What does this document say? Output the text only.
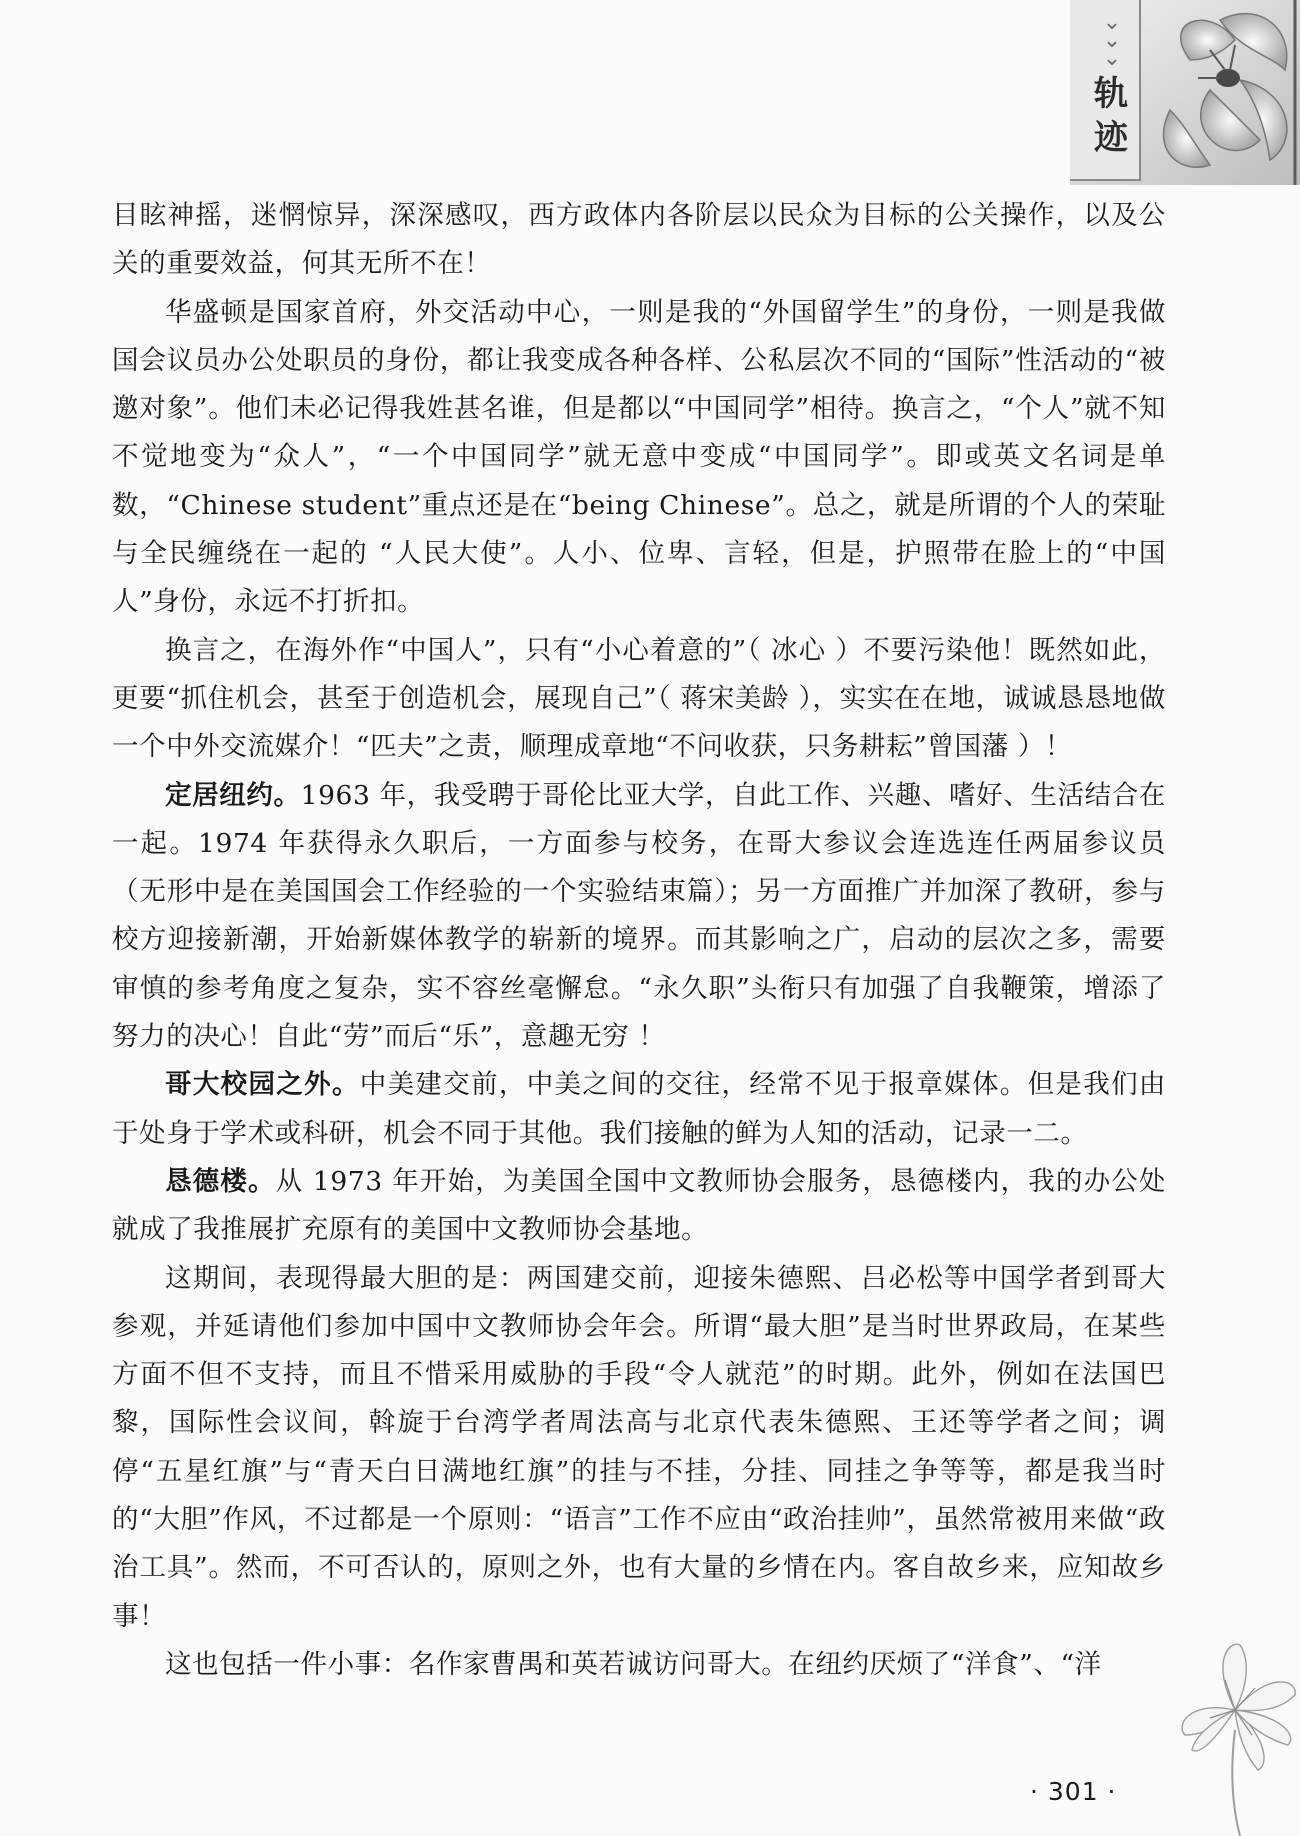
⌄
⌄
⌄
轨
迹

目眩神摇，迷惘惊异，深深感叹，西方政体内各阶层以民众为目标的公关操作，以及公关的重要效益，何其无所不在！

华盛顿是国家首府，外交活动中心，一则是我的“外国留学生”的身份，一则是我做国会议员办公处职员的身份，都让我变成各种各样、公私层次不同的“国际”性活动的“被邀对象”。他们未必记得我姓甚名谁，但是都以“中国同学”相待。换言之，“个人”就不知不觉地变为“众人”，“一个中国同学”就无意中变成“中国同学”。即或英文名词是单数，“Chinese student”重点还是在“being Chinese”。总之，就是所谓的个人的荣耻与全民缠绕在一起的 “人民大使”。人小、位卑、言轻，但是，护照带在脸上的“中国人”身份，永远不打折扣。

换言之，在海外作“中国人”，只有“小心着意的”（ 冰心 ）不要污染他！既然如此，更要“抓住机会，甚至于创造机会，展现自己”（ 蒋宋美龄 ），实实在在地，诚诚恳恳地做一个中外交流媒介！“匹夫”之责，顺理成章地“不问收获，只务耕耘”曾国藩 ）！

定居纽约。1963 年，我受聘于哥伦比亚大学，自此工作、兴趣、嗜好、生活结合在一起。1974 年获得永久职后，一方面参与校务，在哥大参议会连选连任两届参议员（无形中是在美国国会工作经验的一个实验结束篇）；另一方面推广并加深了教研，参与校方迎接新潮，开始新媒体教学的崭新的境界。而其影响之广，启动的层次之多，需要审慎的参考角度之复杂，实不容丝毫懈怠。“永久职”头衔只有加强了自我鞭策，增添了努力的决心！自此“劳”而后“乐”，意趣无穷 ！

哥大校园之外。中美建交前，中美之间的交往，经常不见于报章媒体。但是我们由于处身于学术或科研，机会不同于其他。我们接触的鲜为人知的活动，记录一二。

恳德楼。从 1973 年开始，为美国全国中文教师协会服务，恳德楼内，我的办公处就成了我推展扩充原有的美国中文教师协会基地。

这期间，表现得最大胆的是：两国建交前，迎接朱德熙、吕必松等中国学者到哥大参观，并延请他们参加中国中文教师协会年会。所谓“最大胆”是当时世界政局，在某些方面不但不支持，而且不惜采用威胁的手段“令人就范”的时期。此外，例如在法国巴黎，国际性会议间，斡旋于台湾学者周法高与北京代表朱德熙、王还等学者之间；调停“五星红旗”与“青天白日满地红旗”的挂与不挂，分挂、同挂之争等等，都是我当时的“大胆”作风，不过都是一个原则：“语言”工作不应由“政治挂帅”，虽然常被用来做“政治工具”。然而，不可否认的，原则之外，也有大量的乡情在内。客自故乡来，应知故乡事！

这也包括一件小事：名作家曹禺和英若诚访问哥大。在纽约厌烦了“洋食”、“洋

· 301 ·
